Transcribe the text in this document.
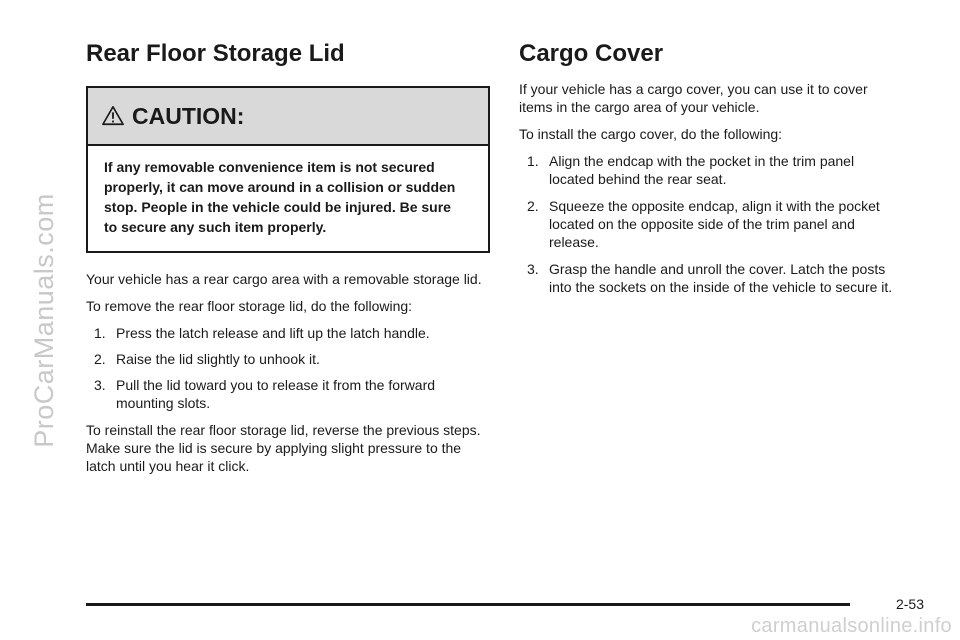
ProCarManuals.com
Rear Floor Storage Lid
CAUTION:
If any removable convenience item is not secured properly, it can move around in a collision or sudden stop. People in the vehicle could be injured. Be sure to secure any such item properly.

Your vehicle has a rear cargo area with a removable storage lid.

To remove the rear floor storage lid, do the following:

1. Press the latch release and lift up the latch handle.
2. Raise the lid slightly to unhook it.
3. Pull the lid toward you to release it from the forward mounting slots.

To reinstall the rear floor storage lid, reverse the previous steps. Make sure the lid is secure by applying slight pressure to the latch until you hear it click.

Cargo Cover

If your vehicle has a cargo cover, you can use it to cover items in the cargo area of your vehicle.

To install the cargo cover, do the following:

1. Align the endcap with the pocket in the trim panel located behind the rear seat.
2. Squeeze the opposite endcap, align it with the pocket located on the opposite side of the trim panel and release.
3. Grasp the handle and unroll the cover. Latch the posts into the sockets on the inside of the vehicle to secure it.
2-53
carmanualsonline.info
